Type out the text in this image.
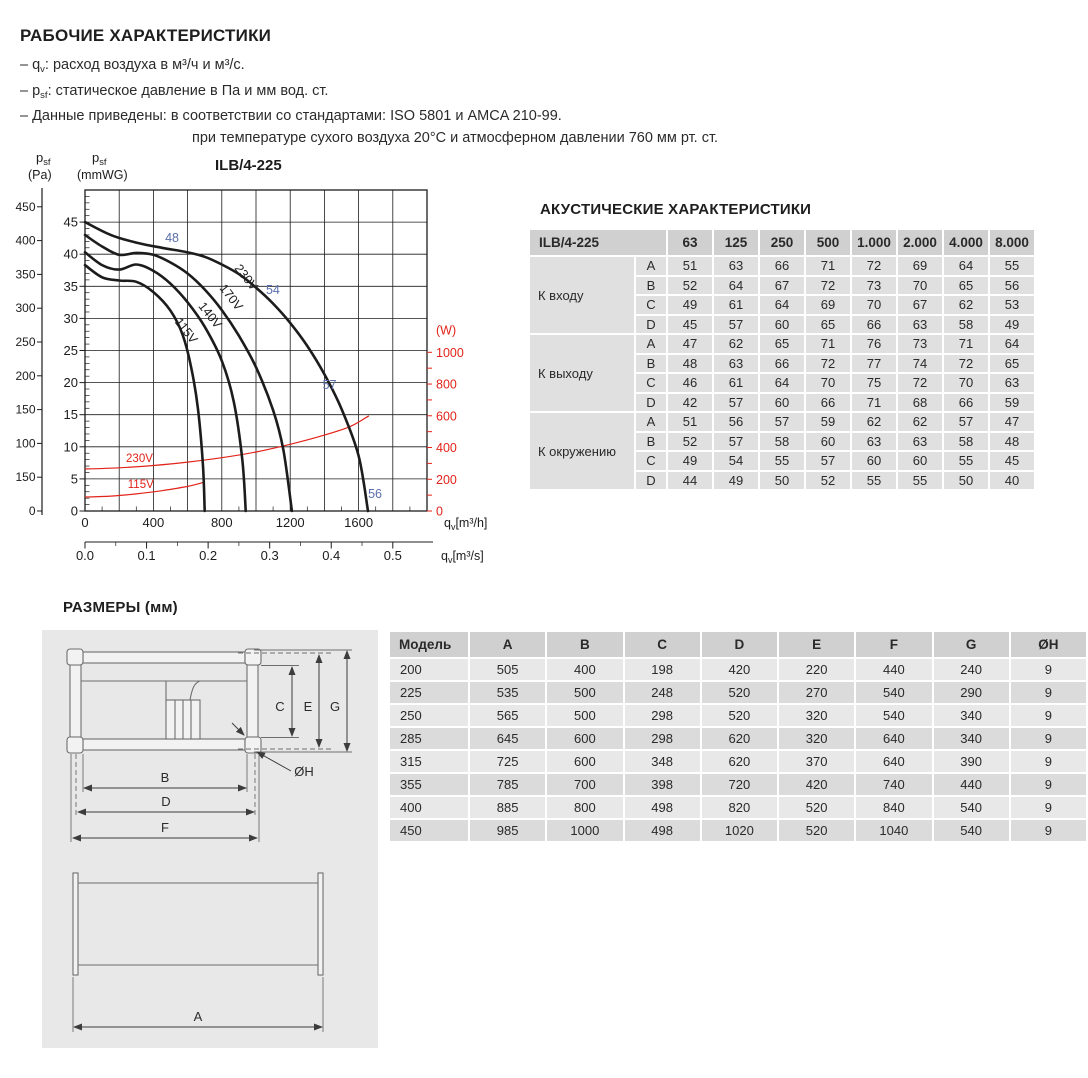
РАБОЧИЕ ХАРАКТЕРИСТИКИ
– $q_v$: расход воздуха в м³/ч и м³/с.
– $p_{sf}$: статическое давление в Па и мм вод. ст.
– Данные приведены: в соответствии со стандартами: ISO 5801 и AMCA 210-99.
при температуре сухого воздуха 20°C и атмосферном давлении 760 мм рт. ст.
45
40
35
30
25
20
15
10
5
0
450
400
350
300
250
200
150
100
150
0
$p_{sf}$
(Pa)
$p_{sf}$
(mmWG)
ILB/4-225
0	400	800	1200	1600	$q_v[m^3/h]$
0.0	0.1	0.2	0.3	0.4	0.5	$q_v[m^3/s]$
(W)
1000
800
600
400
200
0
230V
115V
230V
170V
140V
115V
48
54
57
56
АКУСТИЧЕСКИЕ ХАРАКТЕРИСТИКИ
ILB/4-225	63	125	250	500	1.000 2.000 4.000 8.000
К входу
A	51	63	66	71	72	69	64	55
B	52	64	67	72	73	70	65	56
C	49	61	64	69	70	67	62	53
D	45	57	60	65	66	63	58	49
К выходу
A	47	62	65	71	76	73	71	64
B	48	63	66	72	77	74	72	65
C	46	61	64	70	75	72	70	63
D	42	57	60	66	71	68	66	59
К окружению
A	51	56	57	59	62	62	57	47
B	52	57	58	60	63	63	58	48
C	49	54	55	57	60	60	55	45
D	44	49	50	52	55	55	50	40
РАЗМЕРЫ (мм)
C E G
B
D
F
ØH
A
Модель	A	B	C	D	E	F	G	ØH
200	505	400	198	420	220	440	240	9
225	535	500	248	520	270	540	290	9
250	565	500	298	520	320	540	340	9
285	645	600	298	620	320	640	340	9
315	725	600	348	620	370	640	390	9
355	785	700	398	720	420	740	440	9
400	885	800	498	820	520	840	540	9
450	985	1000	498	1020	520	1040	540	9
